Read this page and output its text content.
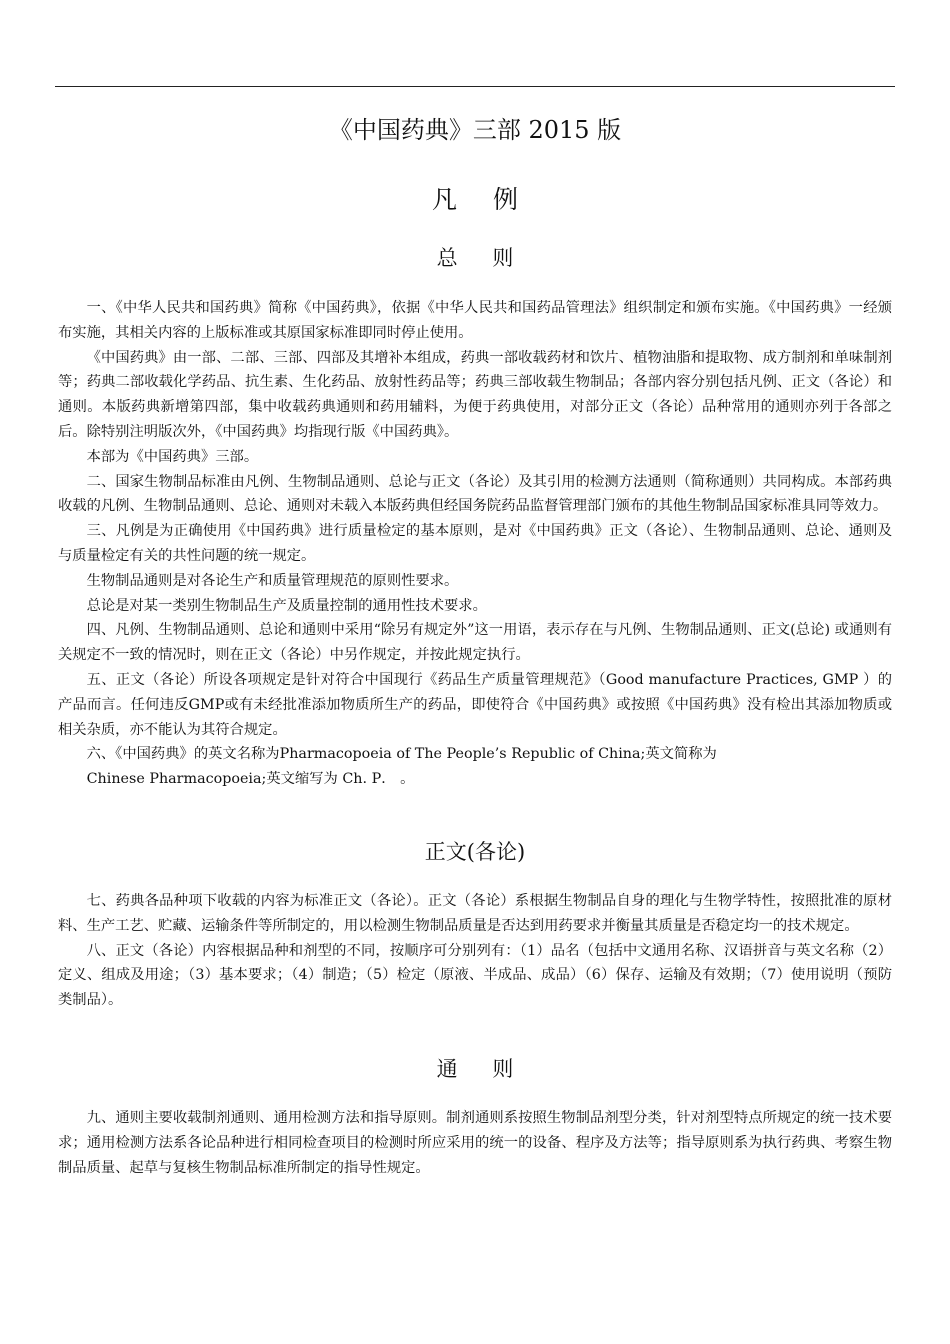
《中国药典》三部 2015 版
凡 例
总 则

一、《中华人民共和国药典》简称《中国药典》，依据《中华人民共和国药品管理法》组织制定和颁布实施。《中国药典》一经颁布实施，其相关内容的上版标准或其原国家标准即同时停止使用。

《中国药典》由一部、二部、三部、四部及其增补本组成，药典一部收载药材和饮片、植物油脂和提取物、成方制剂和单味制剂等；药典二部收载化学药品、抗生素、生化药品、放射性药品等；药典三部收载生物制品；各部内容分别包括凡例、正文（各论）和通则。本版药典新增第四部，集中收载药典通则和药用辅料，为便于药典使用，对部分正文（各论）品种常用的通则亦列于各部之后。除特别注明版次外，《中国药典》均指现行版《中国药典》。

本部为《中国药典》三部。

二、国家生物制品标准由凡例、生物制品通则、总论与正文（各论）及其引用的检测方法通则（简称通则）共同构成。本部药典收载的凡例、生物制品通则、总论、通则对未载入本版药典但经国务院药品监督管理部门颁布的其他生物制品国家标准具同等效力。

三、凡例是为正确使用《中国药典》进行质量检定的基本原则，是对《中国药典》正文（各论）、生物制品通则、总论、通则及与质量检定有关的共性问题的统一规定。

生物制品通则是对各论生产和质量管理规范的原则性要求。

总论是对某一类别生物制品生产及质量控制的通用性技术要求。

四、凡例、生物制品通则、总论和通则中采用“除另有规定外”这一用语，表示存在与凡例、生物制品通则、正文(总论) 或通则有关规定不一致的情况时，则在正文（各论）中另作规定，并按此规定执行。

五、正文（各论）所设各项规定是针对符合中国现行《药品生产质量管理规范》（Good manufacture Practices, GMP ）的产品而言。任何违反GMP或有未经批准添加物质所生产的药品，即使符合《中国药典》或按照《中国药典》没有检出其添加物质或相关杂质，亦不能认为其符合规定。

六、《中国药典》的英文名称为Pharmacopoeia of The People’s Republic of China;英文简称为

Chinese Pharmacopoeia;英文缩写为 Ch. P． 。

正文(各论)

七、药典各品种项下收载的内容为标准正文（各论）。正文（各论）系根据生物制品自身的理化与生物学特性，按照批准的原材料、生产工艺、贮藏、运输条件等所制定的，用以检测生物制品质量是否达到用药要求并衡量其质量是否稳定均一的技术规定。

八、正文（各论）内容根据品种和剂型的不同，按顺序可分别列有：（1）品名（包括中文通用名称、汉语拼音与英文名称（2）定义、组成及用途；（3）基本要求；（4）制造；（5）检定（原液、半成品、成品）（6）保存、运输及有效期；（7）使用说明（预防类制品）。

通 则

九、通则主要收载制剂通则、通用检测方法和指导原则。制剂通则系按照生物制品剂型分类，针对剂型特点所规定的统一技术要求；通用检测方法系各论品种进行相同检查项目的检测时所应采用的统一的设备、程序及方法等；指导原则系为执行药典、考察生物制品质量、起草与复核生物制品标准所制定的指导性规定。
